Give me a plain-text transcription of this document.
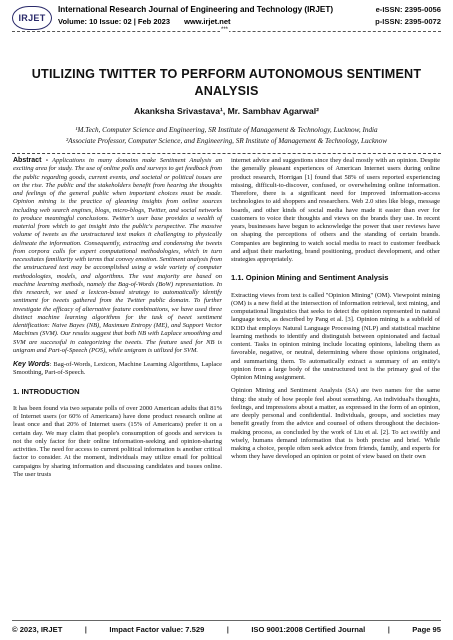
IRJET
International Research Journal of Engineering and Technology (IRJET)
Volume: 10 Issue: 02 | Feb 2023 www.irjet.net
e-ISSN: 2395-0056
p-ISSN: 2395-0072
***
UTILIZING TWITTER TO PERFORM AUTONOMOUS SENTIMENT
ANALYSIS
Akanksha Srivastava¹, Mr. Sambhav Agarwal²
¹M.Tech, Computer Science and Engineering, SR Institute of Management & Technology, Lucknow, India
²Associate Professor, Computer Science, and Engineering, SR Institute of Management & Technology, Lucknow

Abstract - Applications in many domains make Sentiment Analysis an exciting area for study. The use of online polls and surveys to get feedback from the public regarding goods, current events, and societal or political issues are on the rise. The public and the stakeholders benefit from hearing the thoughts and feelings of the general public when important choices must be made. Opinion mining is the practice of gleaning insights from online sources including web search engines, blogs, micro-blogs, Twitter, and social networks to produce meaningful conclusions. Twitter's user base provides a wealth of material from which to get insight into the public's perspective. The massive volume of tweets as the unstructured text makes it challenging to physically delineate the information. Consequently, extracting and condensing the tweets from corpora calls for expert computational methodologies, which in turn necessitates familiarity with terms that convey emotion. Sentiment analysis from the unstructured text may be accomplished using a wide variety of computer methodologies, models, and algorithms. The vast majority are based on machine learning methods, namely the Bag-of-Words (BoW) representation. In this research, we used a lexicon-based strategy to automatically identify sentiment for tweets gathered from the Twitter public domain. To further investigate the efficacy of alternative feature combinations, we have used three distinct machine learning algorithms for the task of tweet sentiment identification: Naive Bayes (NB), Maximum Entropy (ME), and Support Vector Machines (SVM). Our results suggest that both NB with Laplace smoothing and SVM are successful in categorizing the tweets. The feature used for NB is unigram and Part-of-Speech (POS), while unigram is utilized for SVM.

Key Words: Bag-of-Words, Lexicon, Machine Learning Algorithms, Laplace Smoothing, Part-of-Speech.

1. INTRODUCTION

It has been found via two separate polls of over 2000 American adults that 81% of Internet users (or 60% of Americans) have done product research online at least once and that 20% of Internet users (15% of Americans) prefer it on a certain day. We may claim that people's consumption of goods and services is not the only factor for their online information-seeking and opinion-sharing activities. The need for access to current political information is another critical factor to consider. At the moment, individuals may utilize email for political campaigns by sharing information and discussing candidates and issues online. The user trusts

internet advice and suggestions since they deal mostly with an opinion. Despite the generally pleasant experiences of American Internet users during online product research, Horrigan [1] found that 58% of users reported experiencing missing, difficult-to-discover, confused, or overwhelming online information. Therefore, there is a significant need for improved information-access technologies to aid shoppers and researchers. Web 2.0 sites like blogs, message boards, and other kinds of social media have made it easier than ever for customers to voice their thoughts and views on the brands they use. In recent years, businesses have begun to acknowledge the power that user reviews have on shaping the perceptions of others and the standing of certain brands. Companies are beginning to watch social media to react to customer feedback and adjust their marketing, brand positioning, product development, and other strategies appropriately.

1.1. Opinion Mining and Sentiment Analysis

Extracting views from text is called "Opinion Mining" (OM). Viewpoint mining (OM) is a new field at the intersection of information retrieval, text mining, and computational linguistics that seeks to detect the opinion represented in natural language texts, as described by Pang et al. [3]. Opinion mining is a subfield of KDD that employs Natural Language Processing (NLP) and statistical machine learning methods to identify and distinguish between opinionated and factual content. Tasks in opinion mining include locating opinions, labeling them as favorable, negative, or neutral, determining where those opinions originated, and summarising them. To automatically extract a summary of an entity's opinion from a large body of the unstructured text is the primary goal of the Opinion Mining assignment.

Opinion Mining and Sentiment Analysis (SA) are two names for the same thing: the study of how people feel about something. An individual's thoughts, feelings, and impressions about a matter, as expressed in the form of an opinion, are deeply personal and confidential. Individuals, groups, and societies may benefit greatly from the advice and counsel of others throughout the decision-making process, as concluded by the work of Liu et al. [2]. To act swiftly and wisely, humans demand information that is both precise and brief. While making a choice, people often seek advice from friends, family, and experts for whom they have developed an opinion or point of view based on their own

© 2023, IRJET	|	Impact Factor value: 7.529	|	ISO 9001:2008 Certified Journal	|	Page 95
